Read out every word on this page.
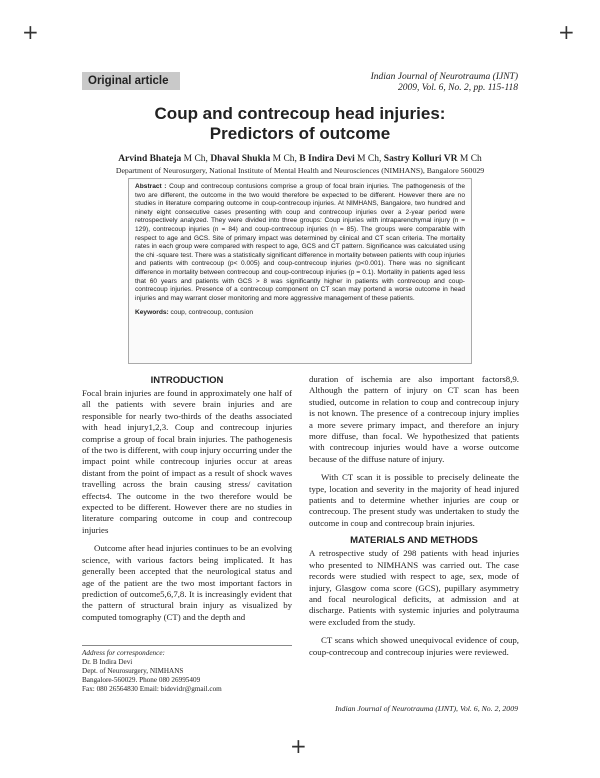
+	+
+
Original article	Indian Journal of Neurotrauma (IJNT)
2009, Vol. 6, No. 2, pp. 115-118
Coup and contrecoup head injuries:
Predictors of outcome
Arvind Bhateja M Ch, Dhaval Shukla M Ch, B Indira Devi M Ch, Sastry Kolluri VR M Ch
Department of Neurosurgery, National Institute of Mental Health and Neurosciences (NIMHANS), Bangalore 560029
Abstract : Coup and contrecoup contusions comprise a group of focal brain injuries. The pathogenesis of the two are different, the outcome in the two would therefore be expected to be different. However there are no studies in literature comparing outcome in coup-contrecoup injuries. At NIMHANS, Bangalore, two hundred and ninety eight consecutive cases presenting with coup and contrecoup injuries over a 2-year period were retrospectively analyzed. They were divided into three groups: Coup injuries with intraparenchymal injury (n = 129), contrecoup injuries (n = 84) and coup-contrecoup injuries (n = 85). The groups were comparable with respect to age and GCS. Site of primary impact was determined by clinical and CT scan criteria. The mortality rates in each group were compared with respect to age, GCS and CT pattern. Significance was calculated using the chi -square test. There was a statistically significant difference in mortality between patients with coup injuries and patients with contrecoup (p< 0.005) and coup-contrecoup injuries (p<0.001). There was no significant difference in mortality between contrecoup and coup-contrecoup injuries (p = 0.1). Mortality in patients aged less that 60 years and patients with GCS > 8 was significantly higher in patients with contrecoup and coup-contrecoup injuries. Presence of a contrecoup component on CT scan may portend a worse outcome in head injuries and may warrant closer monitoring and more aggressive management of these patients.
Keywords: coup, contrecoup, contusion
INTRODUCTION

Focal brain injuries are found in approximately one half of all the patients with severe brain injuries and are responsible for nearly two-thirds of the deaths associated with head injury1,2,3. Coup and contrecoup injuries comprise a group of focal brain injuries. The pathogenesis of the two is different, with coup injury occurring under the impact point while contrecoup injuries occur at areas distant from the point of impact as a result of shock waves travelling across the brain causing stress/ cavitation effects4. The outcome in the two therefore would be expected to be different. However there are no studies in literature comparing outcome in coup and contrecoup injuries

Outcome after head injuries continues to be an evolving science, with various factors being implicated. It has generally been accepted that the neurological status and age of the patient are the two most important factors in prediction of outcome5,6,7,8. It is increasingly evident that the pattern of structural brain injury as visualized by computed tomography (CT) and the depth and

duration of ischemia are also important factors8,9. Although the pattern of injury on CT scan has been studied, outcome in relation to coup and contrecoup injury is not known. The presence of a contrecoup injury implies a more severe primary impact, and therefore an injury more diffuse, than focal. We hypothesized that patients with contrecoup injuries would have a worse outcome because of the diffuse nature of injury.

With CT scan it is possible to precisely delineate the type, location and severity in the majority of head injured patients and to determine whether injuries are coup or contrecoup. The present study was undertaken to study the outcome in coup and contrecoup brain injuries.

MATERIALS AND METHODS

A retrospective study of 298 patients with head injuries who presented to NIMHANS was carried out. The case records were studied with respect to age, sex, mode of injury, Glasgow coma score (GCS), pupillary asymmetry and focal neurological deficits, at admission and at discharge. Patients with systemic injuries and polytrauma were excluded from the study.

CT scans which showed unequivocal evidence of coup, coup-contrecoup and contrecoup injuries were reviewed.

Address for correspondence:
Dr. B Indira Devi
Dept. of Neurosurgery, NIMHANS
Bangalore-560029. Phone 080 26995409
Fax: 080 26564830 Email: bidevidr@gmail.com
Indian Journal of Neurotrauma (IJNT), Vol. 6, No. 2, 2009
